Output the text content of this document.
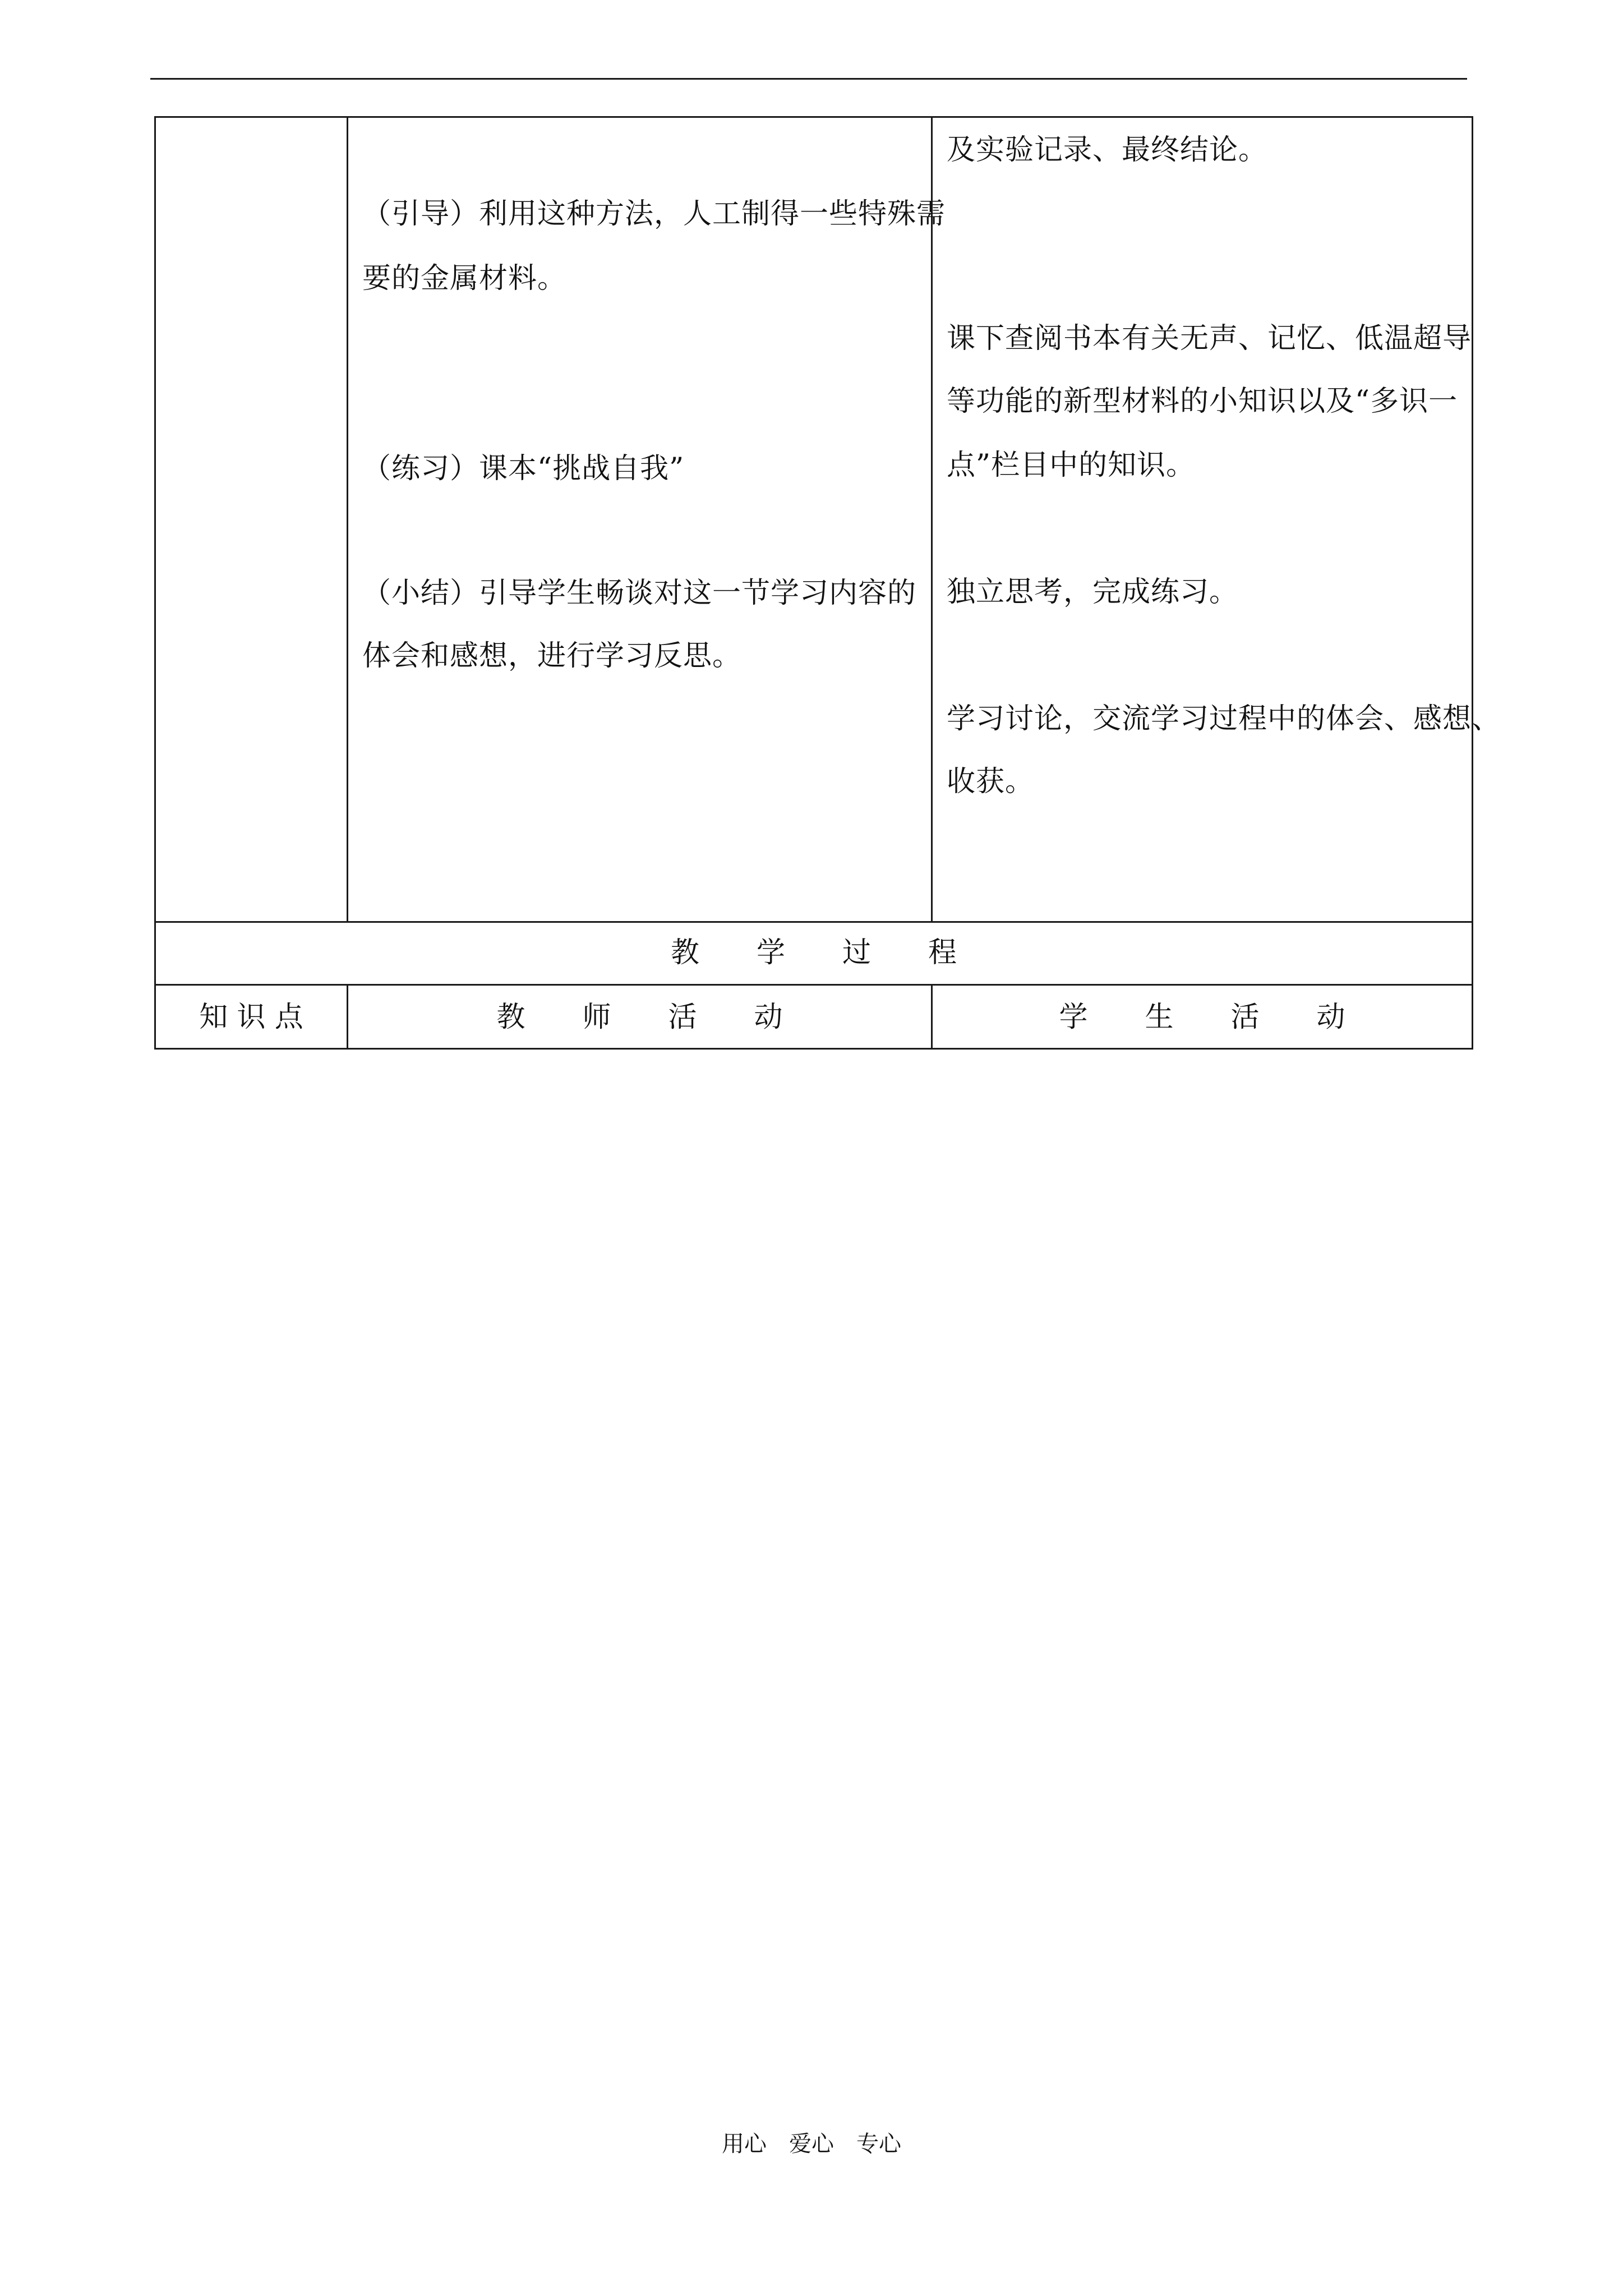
（引导）利用这种方法，人工制得一些特殊需
要的金属材料。
（练习）课本“挑战自我”
（小结）引导学生畅谈对这一节学习内容的
体会和感想，进行学习反思。
及实验记录、最终结论。
课下查阅书本有关无声、记忆、低温超导
等功能的新型材料的小知识以及“多识一
点”栏目中的知识。
独立思考，完成练习。
学习讨论，交流学习过程中的体会、感想、
收获。
教　　学　　过　　程
知 识 点	教　　师　　活　　动	学　　生　　活　　动
用心　爱心　专心
